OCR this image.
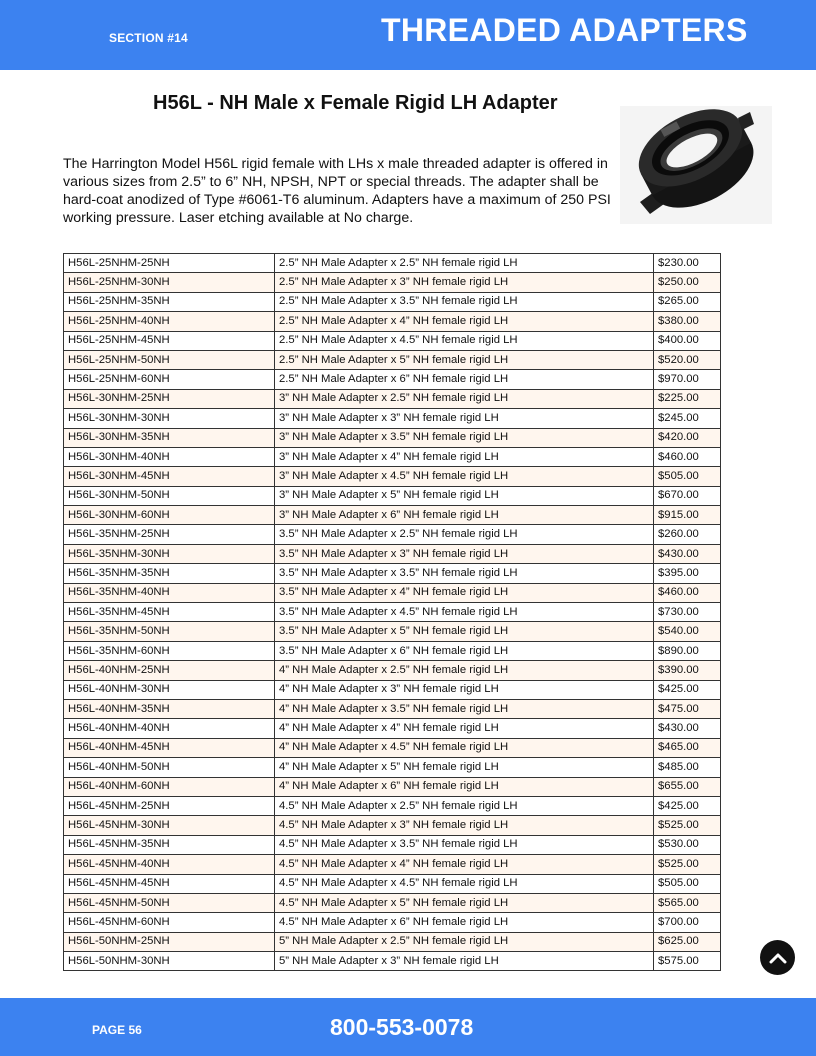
SECTION #14	THREADED ADAPTERS
H56L - NH Male x Female Rigid LH Adapter

The Harrington Model H56L rigid female with LHs x male threaded adapter is offered in various sizes from 2.5” to 6” NH, NPSH, NPT or special threads. The adapter shall be hard-coat anodized of Type #6061-T6 aluminum. Adapters have a maximum of 250 PSI working pressure. Laser etching available at No charge.

H56L-25NHM-25NH	2.5” NH Male Adapter x 2.5” NH female rigid LH	$230.00
H56L-25NHM-30NH	2.5” NH Male Adapter x 3” NH female rigid LH	$250.00
H56L-25NHM-35NH	2.5” NH Male Adapter x 3.5” NH female rigid LH	$265.00
H56L-25NHM-40NH	2.5” NH Male Adapter x 4” NH female rigid LH	$380.00
H56L-25NHM-45NH	2.5” NH Male Adapter x 4.5” NH female rigid LH	$400.00
H56L-25NHM-50NH	2.5” NH Male Adapter x 5” NH female rigid LH	$520.00
H56L-25NHM-60NH	2.5” NH Male Adapter x 6” NH female rigid LH	$970.00
H56L-30NHM-25NH	3” NH Male Adapter x 2.5” NH female rigid LH	$225.00
H56L-30NHM-30NH	3” NH Male Adapter x 3” NH female rigid LH	$245.00
H56L-30NHM-35NH	3” NH Male Adapter x 3.5” NH female rigid LH	$420.00
H56L-30NHM-40NH	3” NH Male Adapter x 4” NH female rigid LH	$460.00
H56L-30NHM-45NH	3” NH Male Adapter x 4.5” NH female rigid LH	$505.00
H56L-30NHM-50NH	3” NH Male Adapter x 5” NH female rigid LH	$670.00
H56L-30NHM-60NH	3” NH Male Adapter x 6” NH female rigid LH	$915.00
H56L-35NHM-25NH	3.5” NH Male Adapter x 2.5” NH female rigid LH	$260.00
H56L-35NHM-30NH	3.5” NH Male Adapter x 3” NH female rigid LH	$430.00
H56L-35NHM-35NH	3.5” NH Male Adapter x 3.5” NH female rigid LH	$395.00
H56L-35NHM-40NH	3.5” NH Male Adapter x 4” NH female rigid LH	$460.00
H56L-35NHM-45NH	3.5” NH Male Adapter x 4.5” NH female rigid LH	$730.00
H56L-35NHM-50NH	3.5” NH Male Adapter x 5” NH female rigid LH	$540.00
H56L-35NHM-60NH	3.5” NH Male Adapter x 6” NH female rigid LH	$890.00
H56L-40NHM-25NH	4” NH Male Adapter x 2.5” NH female rigid LH	$390.00
H56L-40NHM-30NH	4” NH Male Adapter x 3” NH female rigid LH	$425.00
H56L-40NHM-35NH	4” NH Male Adapter x 3.5” NH female rigid LH	$475.00
H56L-40NHM-40NH	4” NH Male Adapter x 4” NH female rigid LH	$430.00
H56L-40NHM-45NH	4” NH Male Adapter x 4.5” NH female rigid LH	$465.00
H56L-40NHM-50NH	4” NH Male Adapter x 5” NH female rigid LH	$485.00
H56L-40NHM-60NH	4” NH Male Adapter x 6” NH female rigid LH	$655.00
H56L-45NHM-25NH	4.5” NH Male Adapter x 2.5” NH female rigid LH	$425.00
H56L-45NHM-30NH	4.5” NH Male Adapter x 3” NH female rigid LH	$525.00
H56L-45NHM-35NH	4.5” NH Male Adapter x 3.5” NH female rigid LH	$530.00
H56L-45NHM-40NH	4.5” NH Male Adapter x 4” NH female rigid LH	$525.00
H56L-45NHM-45NH	4.5” NH Male Adapter x 4.5” NH female rigid LH	$505.00
H56L-45NHM-50NH	4.5” NH Male Adapter x 5” NH female rigid LH	$565.00
H56L-45NHM-60NH	4.5” NH Male Adapter x 6” NH female rigid LH	$700.00
H56L-50NHM-25NH	5” NH Male Adapter x 2.5” NH female rigid LH	$625.00
H56L-50NHM-30NH	5” NH Male Adapter x 3” NH female rigid LH	$575.00
PAGE 56	800-553-0078
